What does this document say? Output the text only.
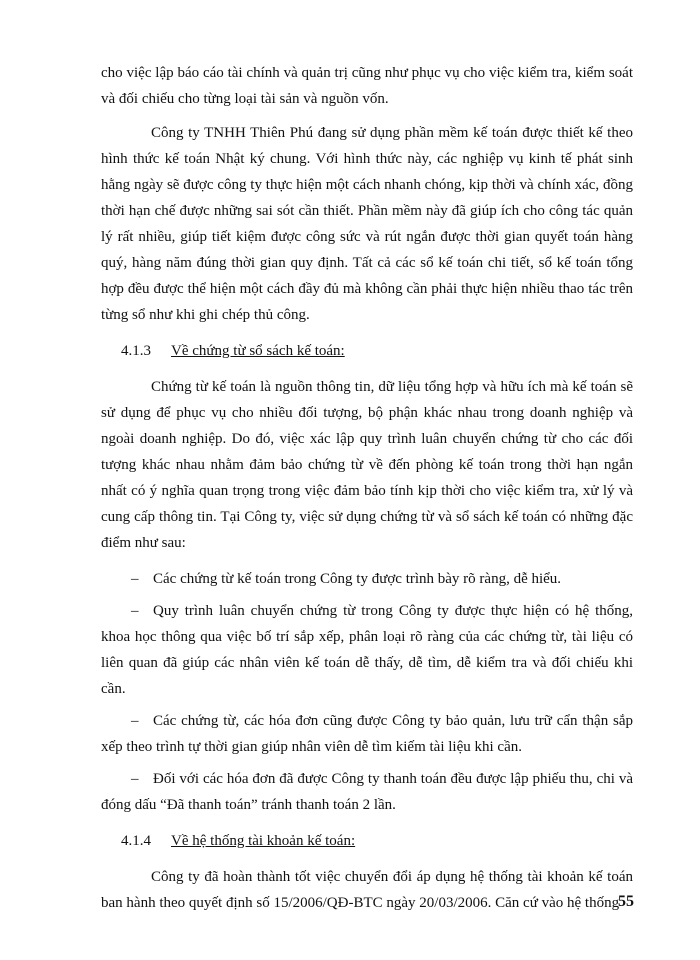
cho việc lập báo cáo tài chính và quản trị cũng như phục vụ cho việc kiểm tra, kiểm soát và đối chiếu cho từng loại tài sản và nguồn vốn.

Công ty TNHH Thiên Phú đang sử dụng phần mềm kế toán được thiết kế theo hình thức kế toán Nhật ký chung. Với hình thức này, các nghiệp vụ kinh tế phát sinh hằng ngày sẽ được công ty thực hiện một cách nhanh chóng, kịp thời và chính xác, đồng thời hạn chế được những sai sót cần thiết. Phần mềm này đã giúp ích cho công tác quản lý rất nhiều, giúp tiết kiệm được công sức và rút ngắn được thời gian quyết toán hàng quý, hàng năm đúng thời gian quy định. Tất cả các sổ kế toán chi tiết, sổ kế toán tổng hợp đều được thể hiện một cách đầy đủ mà không cần phải thực hiện nhiều thao tác trên từng sổ như khi ghi chép thủ công.

4.1.3 Về chứng từ sổ sách kế toán:

Chứng từ kế toán là nguồn thông tin, dữ liệu tổng hợp và hữu ích mà kế toán sẽ sử dụng để phục vụ cho nhiều đối tượng, bộ phận khác nhau trong doanh nghiệp và ngoài doanh nghiệp. Do đó, việc xác lập quy trình luân chuyển chứng từ cho các đối tượng khác nhau nhằm đảm bảo chứng từ về đến phòng kế toán trong thời hạn ngắn nhất có ý nghĩa quan trọng trong việc đảm bảo tính kịp thời cho việc kiểm tra, xử lý và cung cấp thông tin. Tại Công ty, việc sử dụng chứng từ và sổ sách kế toán có những đặc điểm như sau:

– Các chứng từ kế toán trong Công ty được trình bày rõ ràng, dễ hiểu.

– Quy trình luân chuyển chứng từ trong Công ty được thực hiện có hệ thống, khoa học thông qua việc bố trí sắp xếp, phân loại rõ ràng của các chứng từ, tài liệu có liên quan đã giúp các nhân viên kế toán dễ thấy, dễ tìm, dễ kiểm tra và đối chiếu khi cần.

– Các chứng từ, các hóa đơn cũng được Công ty bảo quản, lưu trữ cẩn thận sắp xếp theo trình tự thời gian giúp nhân viên dễ tìm kiếm tài liệu khi cần.

– Đối với các hóa đơn đã được Công ty thanh toán đều được lập phiếu thu, chi và đóng dấu “Đã thanh toán” tránh thanh toán 2 lần.

4.1.4 Về hệ thống tài khoản kế toán:

Công ty đã hoàn thành tốt việc chuyển đổi áp dụng hệ thống tài khoản kế toán ban hành theo quyết định số 15/2006/QĐ-BTC ngày 20/03/2006. Căn cứ vào hệ thống

55
